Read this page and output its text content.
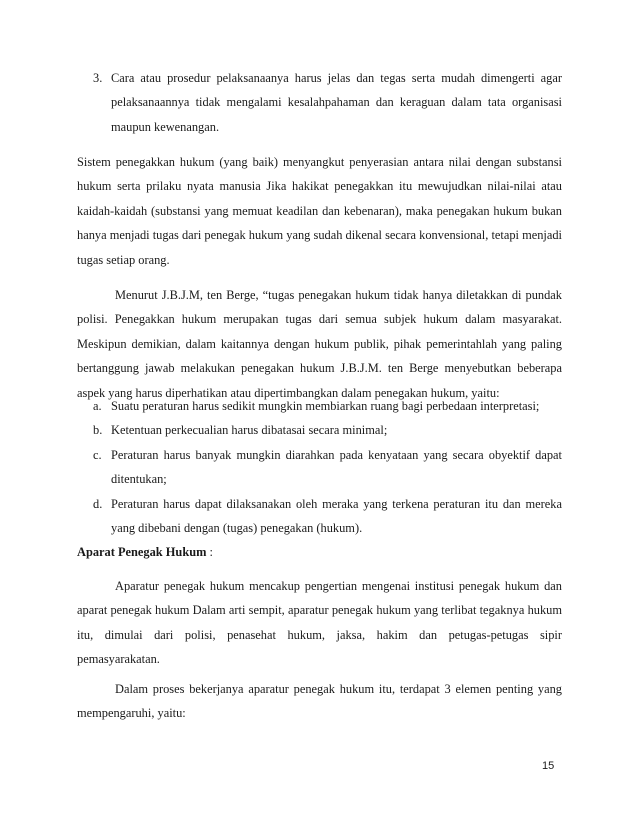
3. Cara atau prosedur pelaksanaanya harus jelas dan tegas serta mudah dimengerti agar pelaksanaannya tidak mengalami kesalahpahaman dan keraguan dalam tata organisasi maupun kewenangan.
Sistem penegakkan hukum (yang baik) menyangkut penyerasian antara nilai dengan substansi hukum serta prilaku nyata manusia Jika hakikat penegakkan itu mewujudkan nilai-nilai atau kaidah-kaidah (substansi yang memuat keadilan dan kebenaran), maka penegakan hukum bukan hanya menjadi tugas dari penegak hukum yang sudah dikenal secara konvensional, tetapi menjadi tugas setiap orang.
Menurut J.B.J.M, ten Berge, “tugas penegakan hukum tidak hanya diletakkan di pundak polisi. Penegakkan hukum merupakan tugas dari semua subjek hukum dalam masyarakat. Meskipun demikian, dalam kaitannya dengan hukum publik, pihak pemerintahlah yang paling bertanggung jawab melakukan penegakan hukum J.B.J.M. ten Berge menyebutkan beberapa aspek yang harus diperhatikan atau dipertimbangkan dalam penegakan hukum, yaitu:
a. Suatu peraturan harus sedikit mungkin membiarkan ruang bagi perbedaan interpretasi;
b. Ketentuan perkecualian harus dibatasai secara minimal;
c. Peraturan harus banyak mungkin diarahkan pada kenyataan yang secara obyektif dapat ditentukan;
d. Peraturan harus dapat dilaksanakan oleh meraka yang terkena peraturan itu dan mereka yang dibebani dengan (tugas) penegakan (hukum).
Aparat Penegak Hukum :
Aparatur penegak hukum mencakup pengertian mengenai institusi penegak hukum dan aparat penegak hukum Dalam arti sempit, aparatur penegak hukum yang terlibat tegaknya hukum itu, dimulai dari polisi, penasehat hukum, jaksa, hakim dan petugas-petugas sipir pemasyarakatan.
Dalam proses bekerjanya aparatur penegak hukum itu, terdapat 3 elemen penting yang mempengaruhi, yaitu:
15
